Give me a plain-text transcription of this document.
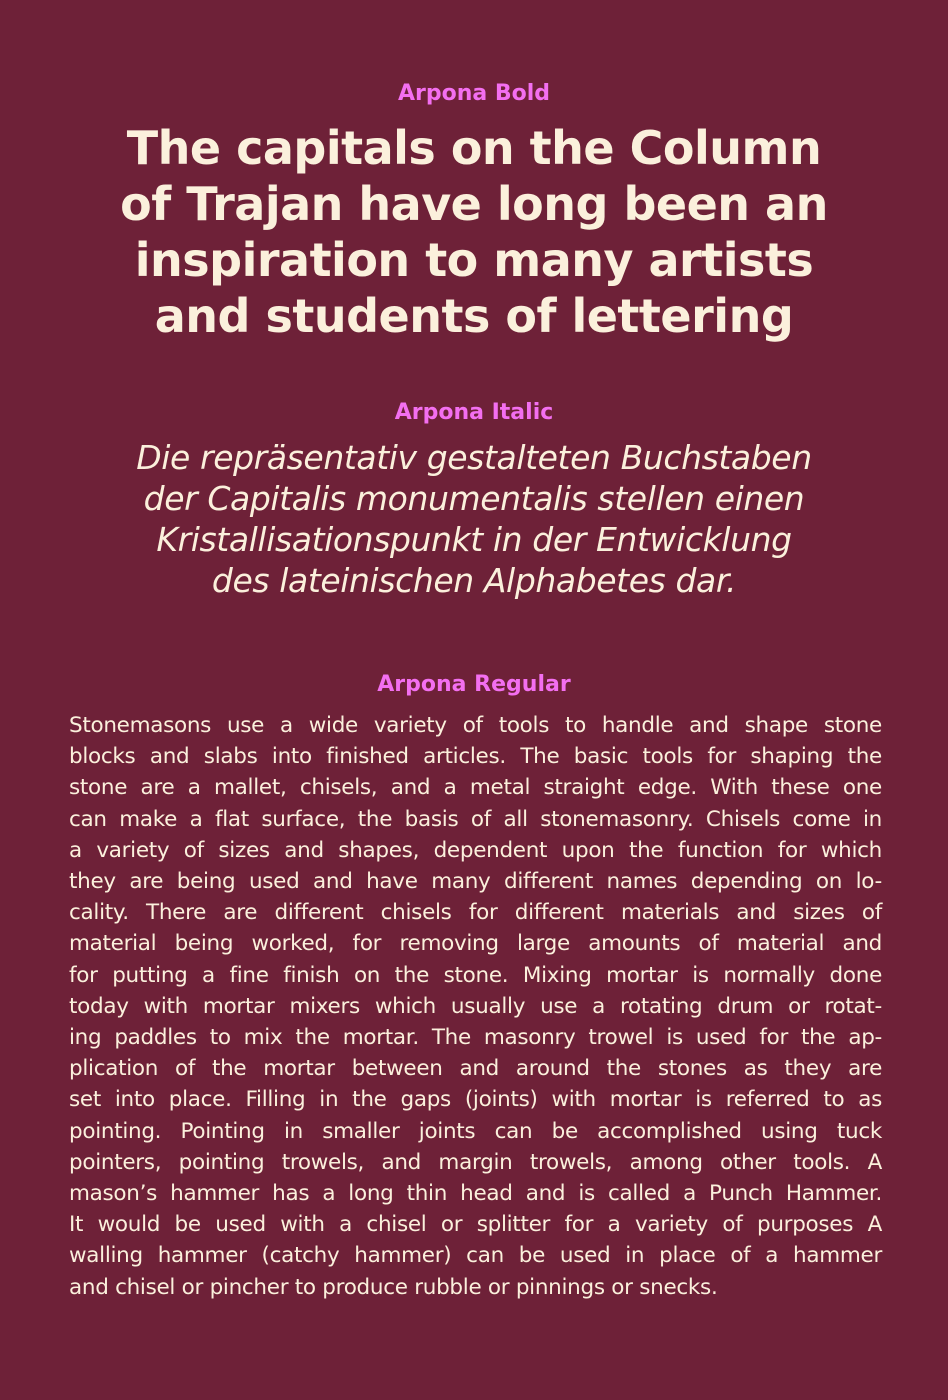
Arpona Bold
The capitals on the Column
of Trajan have long been an
inspiration to many artists
and students of lettering
Arpona Italic

Die repräsentativ gestalteten Buchstaben
der Capitalis monumentalis stellen einen
Kristallisationspunkt in der Entwicklung
des lateinischen Alphabetes dar.

Arpona Regular

Stonemasons use a wide variety of tools to handle and shape stone
blocks and slabs into finished articles. The basic tools for shaping the
stone are a mallet, chisels, and a metal straight edge. With these one
can make a flat surface, the basis of all stonemasonry. Chisels come in
a variety of sizes and shapes, dependent upon the function for which
they are being used and have many different names depending on lo-
cality. There are different chisels for different materials and sizes of
material being worked, for removing large amounts of material and
for putting a fine finish on the stone. Mixing mortar is normally done
today with mortar mixers which usually use a rotating drum or rotat-
ing paddles to mix the mortar. The masonry trowel is used for the ap-
plication of the mortar between and around the stones as they are
set into place. Filling in the gaps (joints) with mortar is referred to as
pointing. Pointing in smaller joints can be accomplished using tuck
pointers, pointing trowels, and margin trowels, among other tools. A
mason’s hammer has a long thin head and is called a Punch Hammer.
It would be used with a chisel or splitter for a variety of purposes A
walling hammer (catchy hammer) can be used in place of a hammer
and chisel or pincher to produce rubble or pinnings or snecks.
